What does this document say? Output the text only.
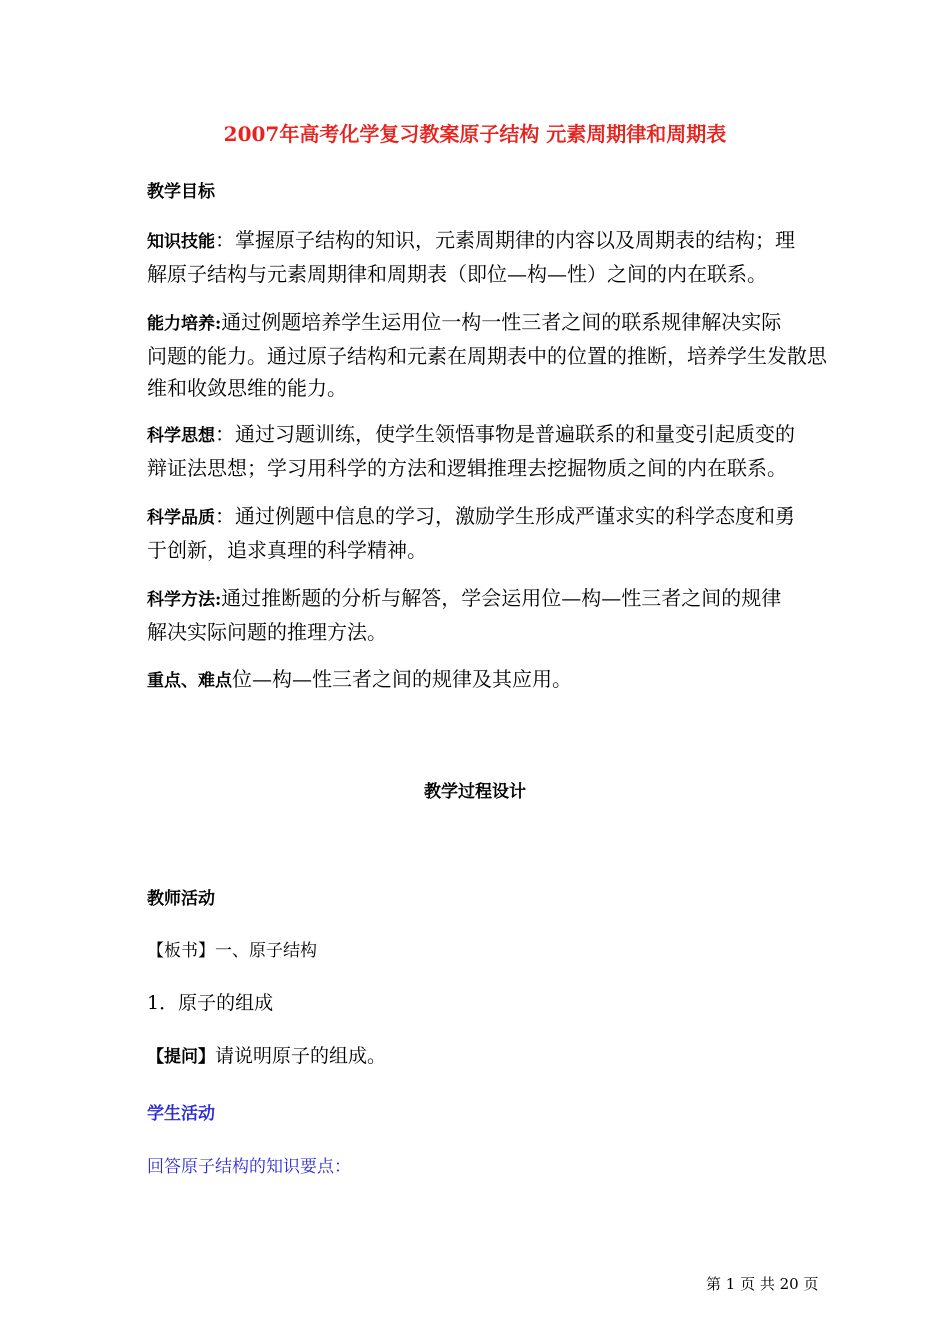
2007年高考化学复习教案原子结构 元素周期律和周期表
教学目标
知识技能：掌握原子结构的知识，元素周期律的内容以及周期表的结构；理
解原子结构与元素周期律和周期表（即位—构—性）之间的内在联系。
能力培养:通过例题培养学生运用位一构一性三者之间的联系规律解决实际
问题的能力。通过原子结构和元素在周期表中的位置的推断，培养学生发散思
维和收敛思维的能力。
科学思想：通过习题训练，使学生领悟事物是普遍联系的和量变引起质变的
辩证法思想；学习用科学的方法和逻辑推理去挖掘物质之间的内在联系。
科学品质：通过例题中信息的学习，激励学生形成严谨求实的科学态度和勇
于创新，追求真理的科学精神。
科学方法:通过推断题的分析与解答，学会运用位—构—性三者之间的规律
解决实际问题的推理方法。
重点、难点位—构—性三者之间的规律及其应用。
教学过程设计
教师活动
【板书】一、原子结构
1．原子的组成
【提问】请说明原子的组成。
学生活动
回答原子结构的知识要点：
第 1 页 共 20 页
